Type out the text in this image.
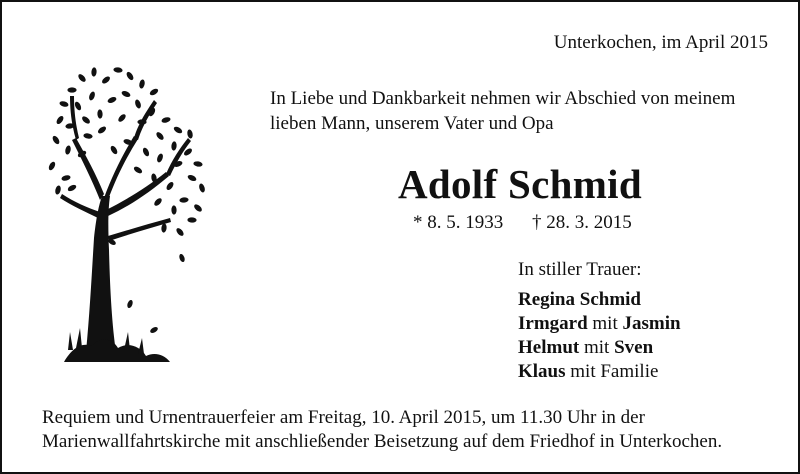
Unterkochen, im April 2015
In Liebe und Dankbarkeit nehmen wir Abschied von meinem
lieben Mann, unserem Vater und Opa
Adolf Schmid
* 8. 5. 1933 † 28. 3. 2015
In stiller Trauer:
Regina Schmid
Irmgard mit Jasmin
Helmut mit Sven
Klaus mit Familie
Requiem und Urnentrauerfeier am Freitag, 10. April 2015, um 11.30 Uhr in der
Marienwallfahrtskirche mit anschließender Beisetzung auf dem Friedhof in Unterkochen.
